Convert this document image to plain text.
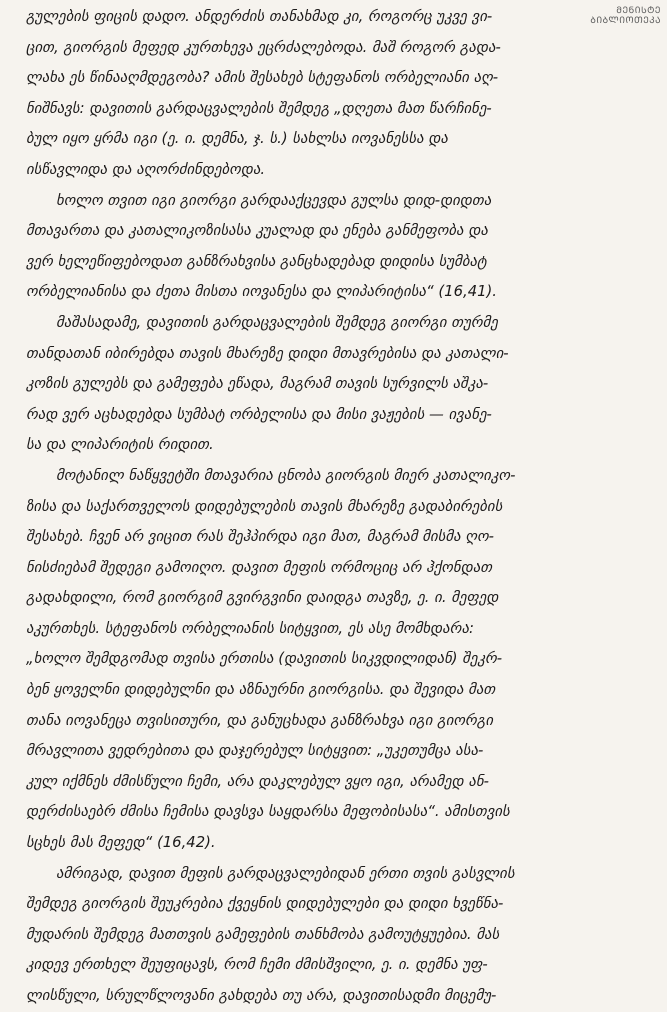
ᲛᲔᲜᲘᲡᲢᲔ
ᲑᲘᲑᲚᲘᲝᲗᲔᲙᲐ
გულების ფიცის დადო. ანდერძის თანახმად კი, როგორც უკვე ვი-
ცით, გიორგის მეფედ კურთხევა ეცრძალებოდა. მაშ როგორ გადა-
ლახა ეს წინააღმდეგობა? ამის შესახებ სტეფანოს ორბელიანი აღ-
ნიშნავს: დავითის გარდაცვალების შემდეგ „დღეთა მათ წარჩინე-
ბულ იყო ყრმა იგი (ე. ი. დემნა, ჯ. ს.) სახლსა იოვანესსა და
ისწავლიდა და აღორძინდებოდა.
ხოლო თვით იგი გიორგი გარდააქცევდა გულსა დიდ-დიდთა
მთავართა და კათალიკოზისასა კუალად და ენება განმეფობა და
ვერ ხელეწიფებოდათ განზრახვისა განცხადებად დიდისა სუმბატ
ორბელიანისა და ძეთა მისთა იოვანესა და ლიპარიტისა“ (16,41).
მაშასადამე, დავითის გარდაცვალების შემდეგ გიორგი თურმე
თანდათან იბირებდა თავის მხარეზე დიდი მთავრებისა და კათალი-
კოზის გულებს და გამეფება ეწადა, მაგრამ თავის სურვილს აშკა-
რად ვერ აცხადებდა სუმბატ ორბელისა და მისი ვაჟების — ივანე-
სა და ლიპარიტის რიდით.
მოტანილ ნაწყვეტში მთავარია ცნობა გიორგის მიერ კათალიკო-
ზისა და საქართველოს დიდებულების თავის მხარეზე გადაბირების
შესახებ. ჩვენ არ ვიცით რას შეჰპირდა იგი მათ, მაგრამ მისმა ღო-
ნისძიებამ შედეგი გამოიღო. დავით მეფის ორმოციც არ ჰქონდათ
გადახდილი, რომ გიორგიმ გვირგვინი დაიდგა თავზე, ე. ი. მეფედ
აკურთხეს. სტეფანოს ორბელიანის სიტყვით, ეს ასე მომხდარა:
„ხოლო შემდგომად თვისა ერთისა (დავითის სიკვდილიდან) შეკრ-
ბენ ყოველნი დიდებულნი და აზნაურნი გიორგისა. და შევიდა მათ
თანა იოვანეცა თვისითური, და განუცხადა განზრახვა იგი გიორგი
მრავლითა ვედრებითა და დაჯერებულ სიტყვით: „უკეთუმცა ასა-
კულ იქმნეს ძმისწული ჩემი, არა დაკლებულ ვყო იგი, არამედ ან-
დერძისაებრ ძმისა ჩემისა დავსვა საყდარსა მეფობისასა“. ამისთვის
სცხეს მას მეფედ“ (16,42).
ამრიგად, დავით მეფის გარდაცვალებიდან ერთი თვის გასვლის
შემდეგ გიორგის შეუკრებია ქვეყნის დიდებულები და დიდი ხვეწნა-
მუდარის შემდეგ მათთვის გამეფების თანხმობა გამოუტყუებია. მას
კიდევ ერთხელ შეუფიცავს, რომ ჩემი ძმისშვილი, ე. ი. დემნა უფ-
ლისწული, სრულწლოვანი გახდება თუ არა, დავითისადმი მიცემუ-
